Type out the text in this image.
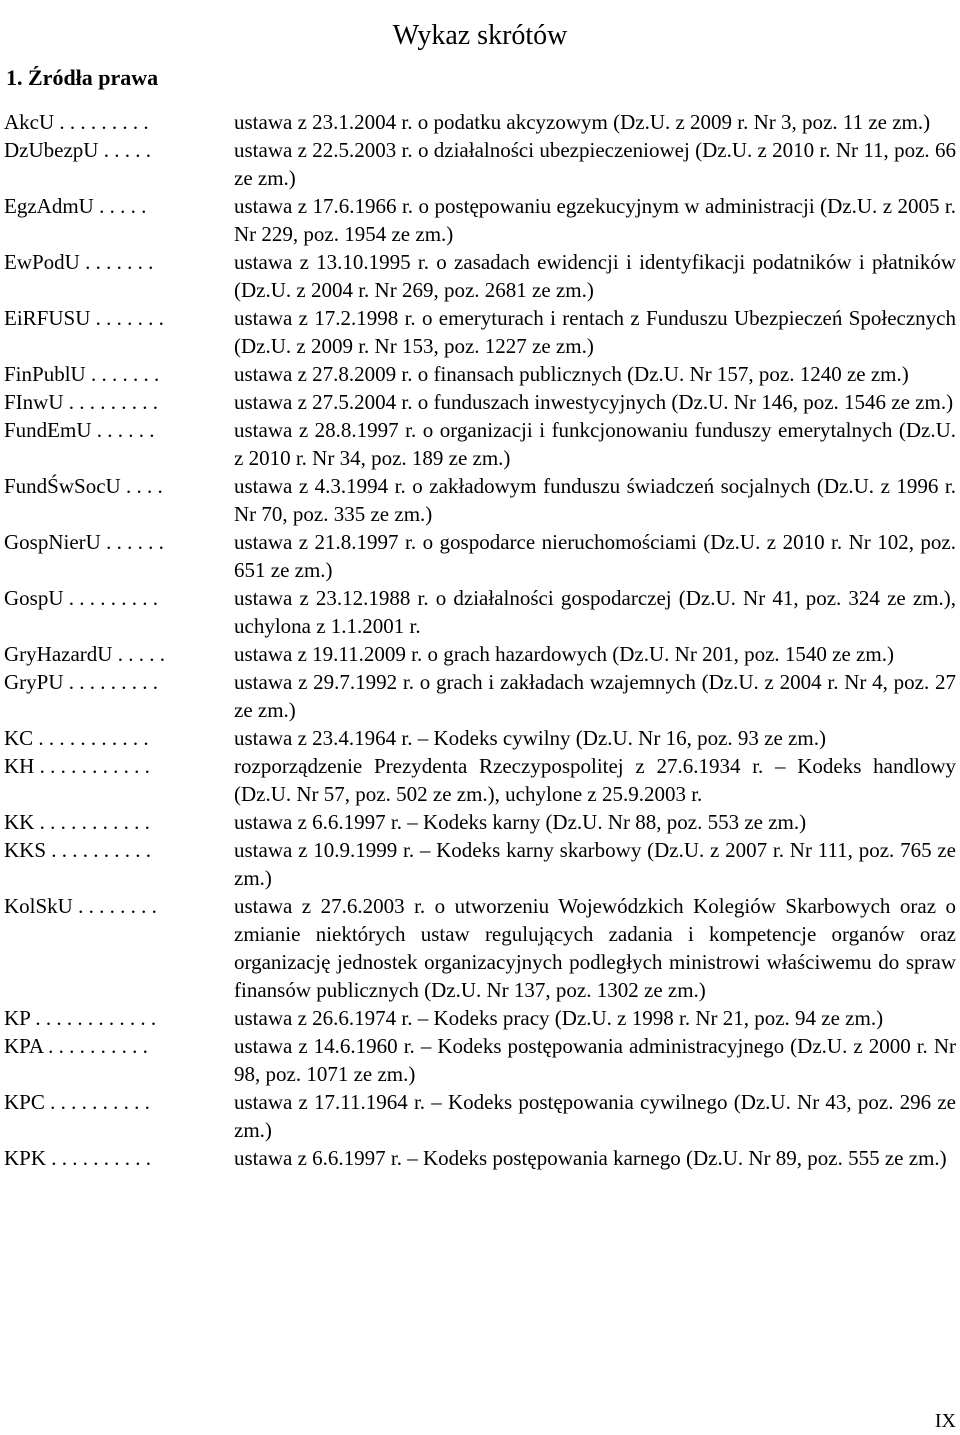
Wykaz skrótów
1. Źródła prawa
AkcU . . . . . . . . .	ustawa z 23.1.2004 r. o podatku akcyzowym (Dz.U. z 2009 r. Nr 3, poz. 11 ze zm.)
DzUbezpU . . . . .	ustawa z 22.5.2003 r. o działalności ubezpieczeniowej (Dz.U. z 2010 r. Nr 11, poz. 66 ze zm.)
EgzAdmU . . . . .	ustawa z 17.6.1966 r. o postępowaniu egzekucyjnym w administracji (Dz.U. z 2005 r. Nr 229, poz. 1954 ze zm.)
EwPodU . . . . . . .	ustawa z 13.10.1995 r. o zasadach ewidencji i identyfikacji podatników i płatników (Dz.U. z 2004 r. Nr 269, poz. 2681 ze zm.)
EiRFUSU . . . . . . .	ustawa z 17.2.1998 r. o emeryturach i rentach z Funduszu Ubezpieczeń Społecznych (Dz.U. z 2009 r. Nr 153, poz. 1227 ze zm.)
FinPublU . . . . . . .	ustawa z 27.8.2009 r. o finansach publicznych (Dz.U. Nr 157, poz. 1240 ze zm.)
FInwU . . . . . . . . .	ustawa z 27.5.2004 r. o funduszach inwestycyjnych (Dz.U. Nr 146, poz. 1546 ze zm.)
FundEmU . . . . . .	ustawa z 28.8.1997 r. o organizacji i funkcjonowaniu funduszy emerytalnych (Dz.U. z 2010 r. Nr 34, poz. 189 ze zm.)
FundŚwSocU . . . .	ustawa z 4.3.1994 r. o zakładowym funduszu świadczeń socjalnych (Dz.U. z 1996 r. Nr 70, poz. 335 ze zm.)
GospNierU . . . . . .	ustawa z 21.8.1997 r. o gospodarce nieruchomościami (Dz.U. z 2010 r. Nr 102, poz. 651 ze zm.)
GospU . . . . . . . . .	ustawa z 23.12.1988 r. o działalności gospodarczej (Dz.U. Nr 41, poz. 324 ze zm.), uchylona z 1.1.2001 r.
GryHazardU . . . . .	ustawa z 19.11.2009 r. o grach hazardowych (Dz.U. Nr 201, poz. 1540 ze zm.)
GryPU . . . . . . . . .	ustawa z 29.7.1992 r. o grach i zakładach wzajemnych (Dz.U. z 2004 r. Nr 4, poz. 27 ze zm.)
KC . . . . . . . . . . .	ustawa z 23.4.1964 r. – Kodeks cywilny (Dz.U. Nr 16, poz. 93 ze zm.)
KH . . . . . . . . . . .	rozporządzenie Prezydenta Rzeczypospolitej z 27.6.1934 r. – Kodeks handlowy (Dz.U. Nr 57, poz. 502 ze zm.), uchylone z 25.9.2003 r.
KK . . . . . . . . . . .	ustawa z 6.6.1997 r. – Kodeks karny (Dz.U. Nr 88, poz. 553 ze zm.)
KKS . . . . . . . . . .	ustawa z 10.9.1999 r. – Kodeks karny skarbowy (Dz.U. z 2007 r. Nr 111, poz. 765 ze zm.)
KolSkU . . . . . . . .	ustawa z 27.6.2003 r. o utworzeniu Wojewódzkich Kolegiów Skarbowych oraz o zmianie niektórych ustaw regulujących zadania i kompetencje organów oraz organizację jednostek organizacyjnych podległych ministrowi właściwemu do spraw finansów publicznych (Dz.U. Nr 137, poz. 1302 ze zm.)
KP . . . . . . . . . . . .	ustawa z 26.6.1974 r. – Kodeks pracy (Dz.U. z 1998 r. Nr 21, poz. 94 ze zm.)
KPA . . . . . . . . . .	ustawa z 14.6.1960 r. – Kodeks postępowania administracyjnego (Dz.U. z 2000 r. Nr 98, poz. 1071 ze zm.)
KPC . . . . . . . . . .	ustawa z 17.11.1964 r. – Kodeks postępowania cywilnego (Dz.U. Nr 43, poz. 296 ze zm.)
KPK . . . . . . . . . .	ustawa z 6.6.1997 r. – Kodeks postępowania karnego (Dz.U. Nr 89, poz. 555 ze zm.)
IX
